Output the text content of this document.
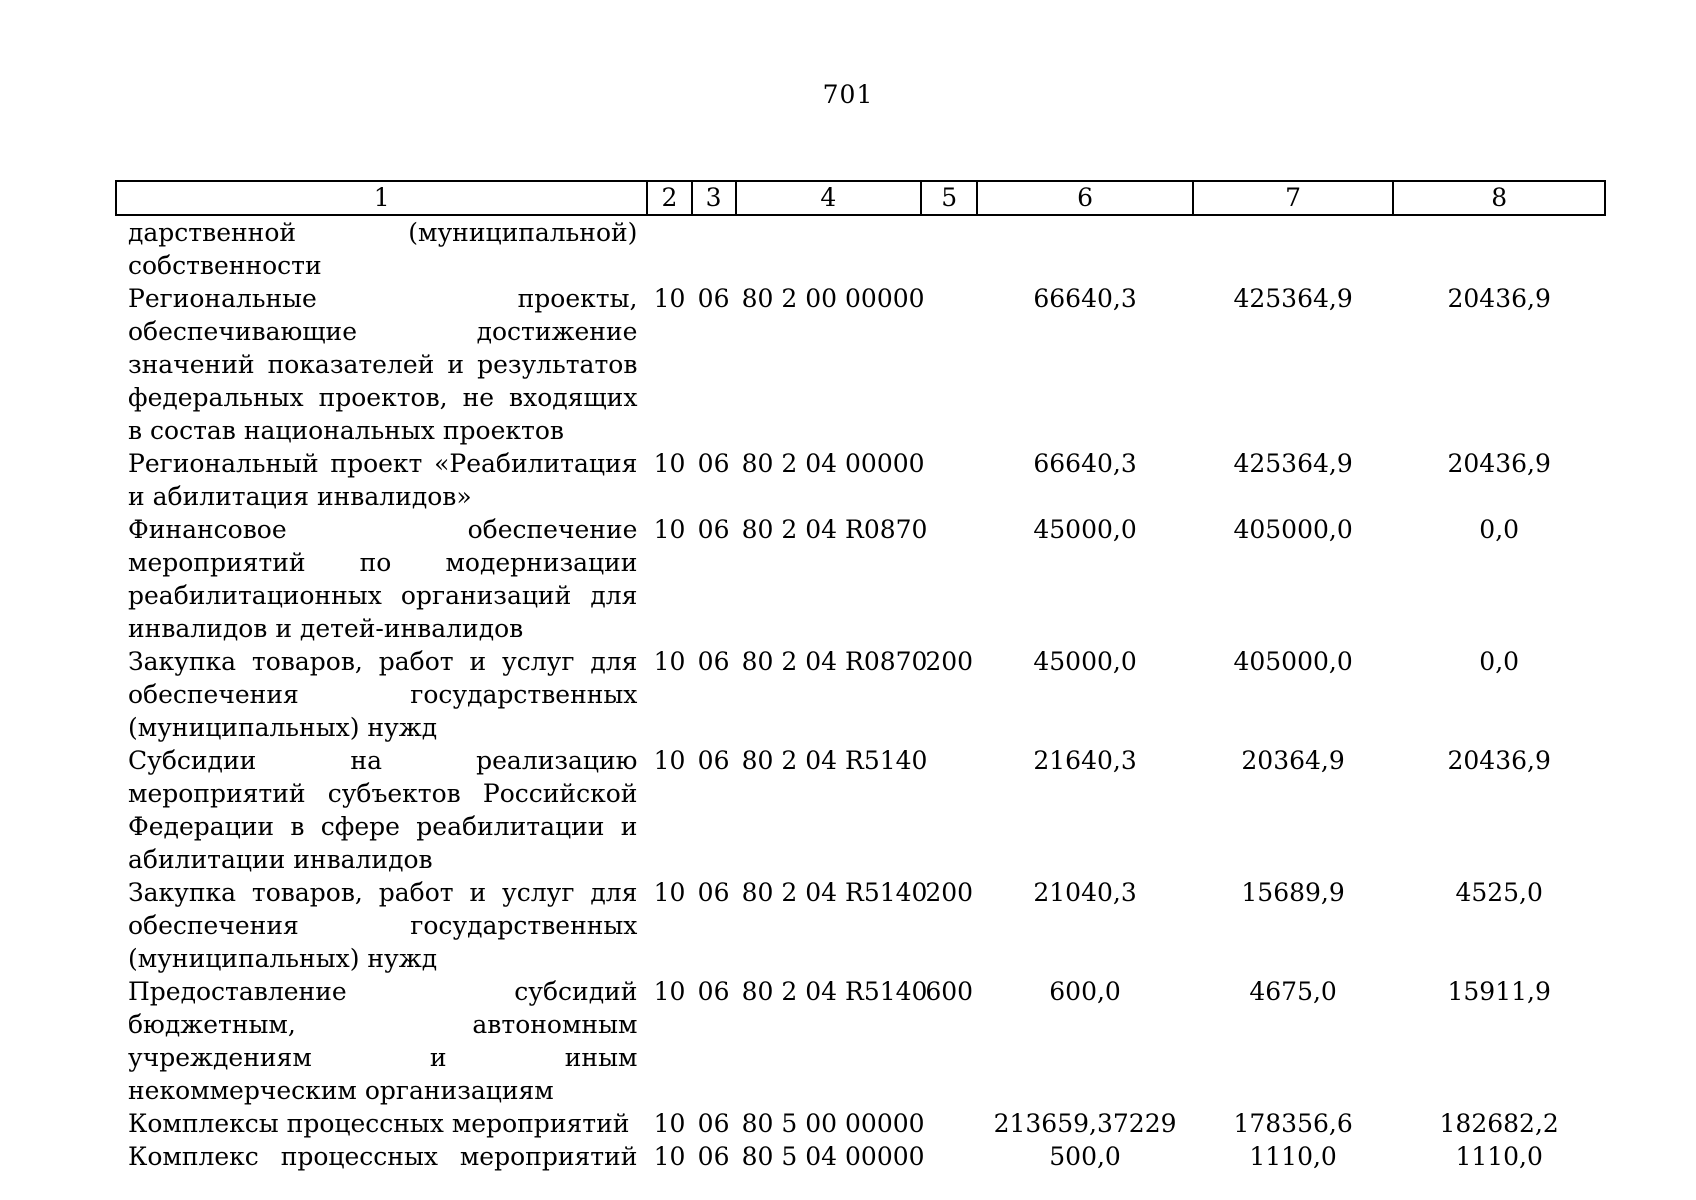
701
1	2	3	4	5	6	7	8
дарственной (муниципальной) собственности							
Региональные проекты, обеспечивающие достижение значений показателей и результатов федеральных проектов, не входящих в состав национальных проектов	10	06	80 2 00 00000		66640,3	425364,9	20436,9
Региональный проект «Реабилитация и абилитация инвалидов»	10	06	80 2 04 00000		66640,3	425364,9	20436,9
Финансовое обеспечение мероприятий по модернизации реабилитационных организаций для инвалидов и детей-инвалидов	10	06	80 2 04 R0870		45000,0	405000,0	0,0
Закупка товаров, работ и услуг для обеспечения государственных (муниципальных) нужд	10	06	80 2 04 R0870	200	45000,0	405000,0	0,0
Субсидии на реализацию мероприятий субъектов Российской Федерации в сфере реабилитации и абилитации инвалидов	10	06	80 2 04 R5140		21640,3	20364,9	20436,9
Закупка товаров, работ и услуг для обеспечения государственных (муниципальных) нужд	10	06	80 2 04 R5140	200	21040,3	15689,9	4525,0
Предоставление субсидий бюджетным, автономным учреждениям и иным некоммерческим организациям	10	06	80 2 04 R5140	600	600,0	4675,0	15911,9
Комплексы процессных мероприятий	10	06	80 5 00 00000		213659,37229	178356,6	182682,2
Комплекс процессных мероприятий	10	06	80 5 04 00000		500,0	1110,0	1110,0
